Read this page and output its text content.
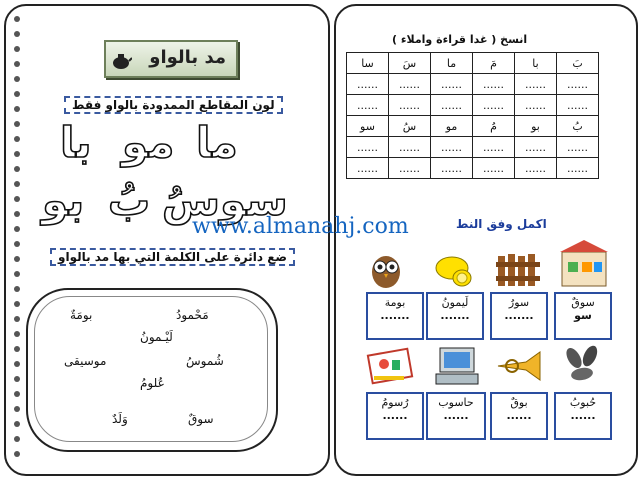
مد بالواو
لون المقاطع الممدودة بالواو فقط
ما
مو
با
سو
سُ
بُ
بو
ضع دائرة على الكلمة التي بها مد بالواو
مَحْمودُ
بومَةٌ
لَيْـمونُ
شُموسُ
موسيقى
عُلومُ
سوقٌ
وَلَدٌ
انسخ ( غدا قراءة واملاء )
سا	سَ	ما	مَ	با	بَ
......	......	......	......	......	......
......	......	......	......	......	......
سو	سُ	مو	مُ	بو	بُ
......	......	......	......	......	......
......	......	......	......	......	......
www.almanahj.com	اكمل وفق النط
بومة
.......
لَيمونُ
.......
سورُ
.......
سوقٌ
سو
رُسومُ
......
حاسوب
......
بوقٌ
......
حُبوبُ
......
